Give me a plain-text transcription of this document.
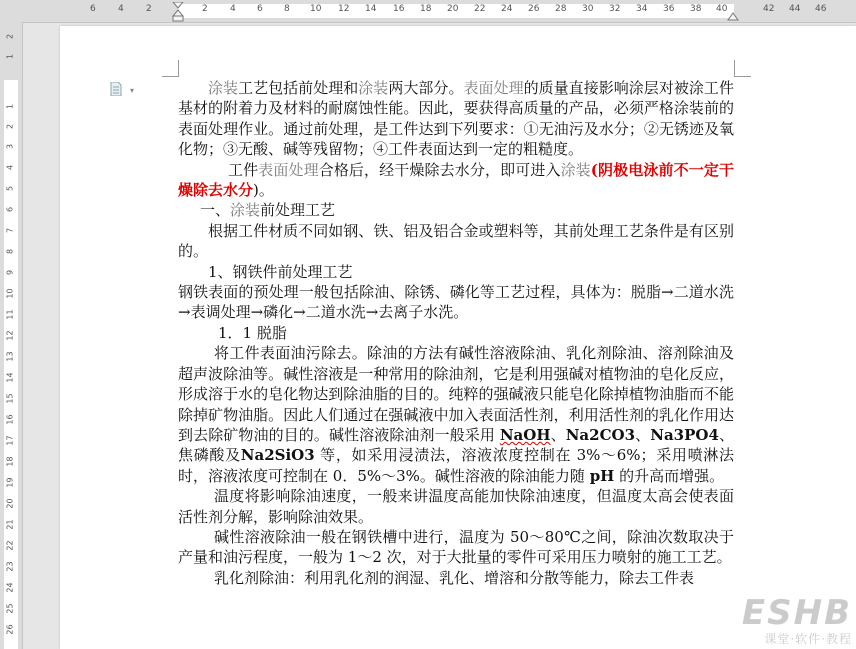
6 4 2	2 4 6 8 10 12 14 16 18 20 22 24 26 28 30 32 34 36 38 40	42 44 46
2
1
1
2
3
4
5
6
7
8
9
10
11
12
13
14
15
16
17
18
19
20
21
22
23
24
25
26
▾	涂装工艺包括前处理和涂装两大部分。表面处理的质量直接影响涂层对被涂工件基材的附着力及材料的耐腐蚀性能。因此，要获得高质量的产品，必须严格涂装前的表面处理作业。通过前处理，是工件达到下列要求：①无油污及水分；②无锈迹及氧化物；③无酸、碱等残留物；④工件表面达到一定的粗糙度。

工件表面处理合格后，经干燥除去水分，即可进入涂装(阴极电泳前不一定干燥除去水分)。

一、涂装前处理工艺

根据工件材质不同如钢、铁、铝及铝合金或塑料等，其前处理工艺条件是有区别的。

1、钢铁件前处理工艺

钢铁表面的预处理一般包括除油、除锈、磷化等工艺过程，具体为：脱脂→二道水洗→表调处理→磷化→二道水洗→去离子水洗。

1．1 脱脂

将工件表面油污除去。除油的方法有碱性溶液除油、乳化剂除油、溶剂除油及超声波除油等。碱性溶液是一种常用的除油剂，它是利用强碱对植物油的皂化反应，形成溶于水的皂化物达到除油脂的目的。纯粹的强碱液只能皂化除掉植物油脂而不能除掉矿物油脂。因此人们通过在强碱液中加入表面活性剂，利用活性剂的乳化作用达到去除矿物油的目的。碱性溶液除油剂一般采用 NaOH、Na2CO3、Na3PO4、焦磷酸及Na2SiO3 等，如采用浸渍法，溶液浓度控制在 3%～6%；采用喷淋法时，溶液浓度可控制在 0．5%～3%。碱性溶液的除油能力随 pH 的升高而增强。

温度将影响除油速度，一般来讲温度高能加快除油速度，但温度太高会使表面活性剂分解，影响除油效果。

碱性溶液除油一般在钢铁槽中进行，温度为 50～80℃之间，除油次数取决于产量和油污程度，一般为 1～2 次，对于大批量的零件可采用压力喷射的施工工艺。

乳化剂除油：利用乳化剂的润湿、乳化、增溶和分散等能力，除去工件表

ESHB
课堂·软件·教程
